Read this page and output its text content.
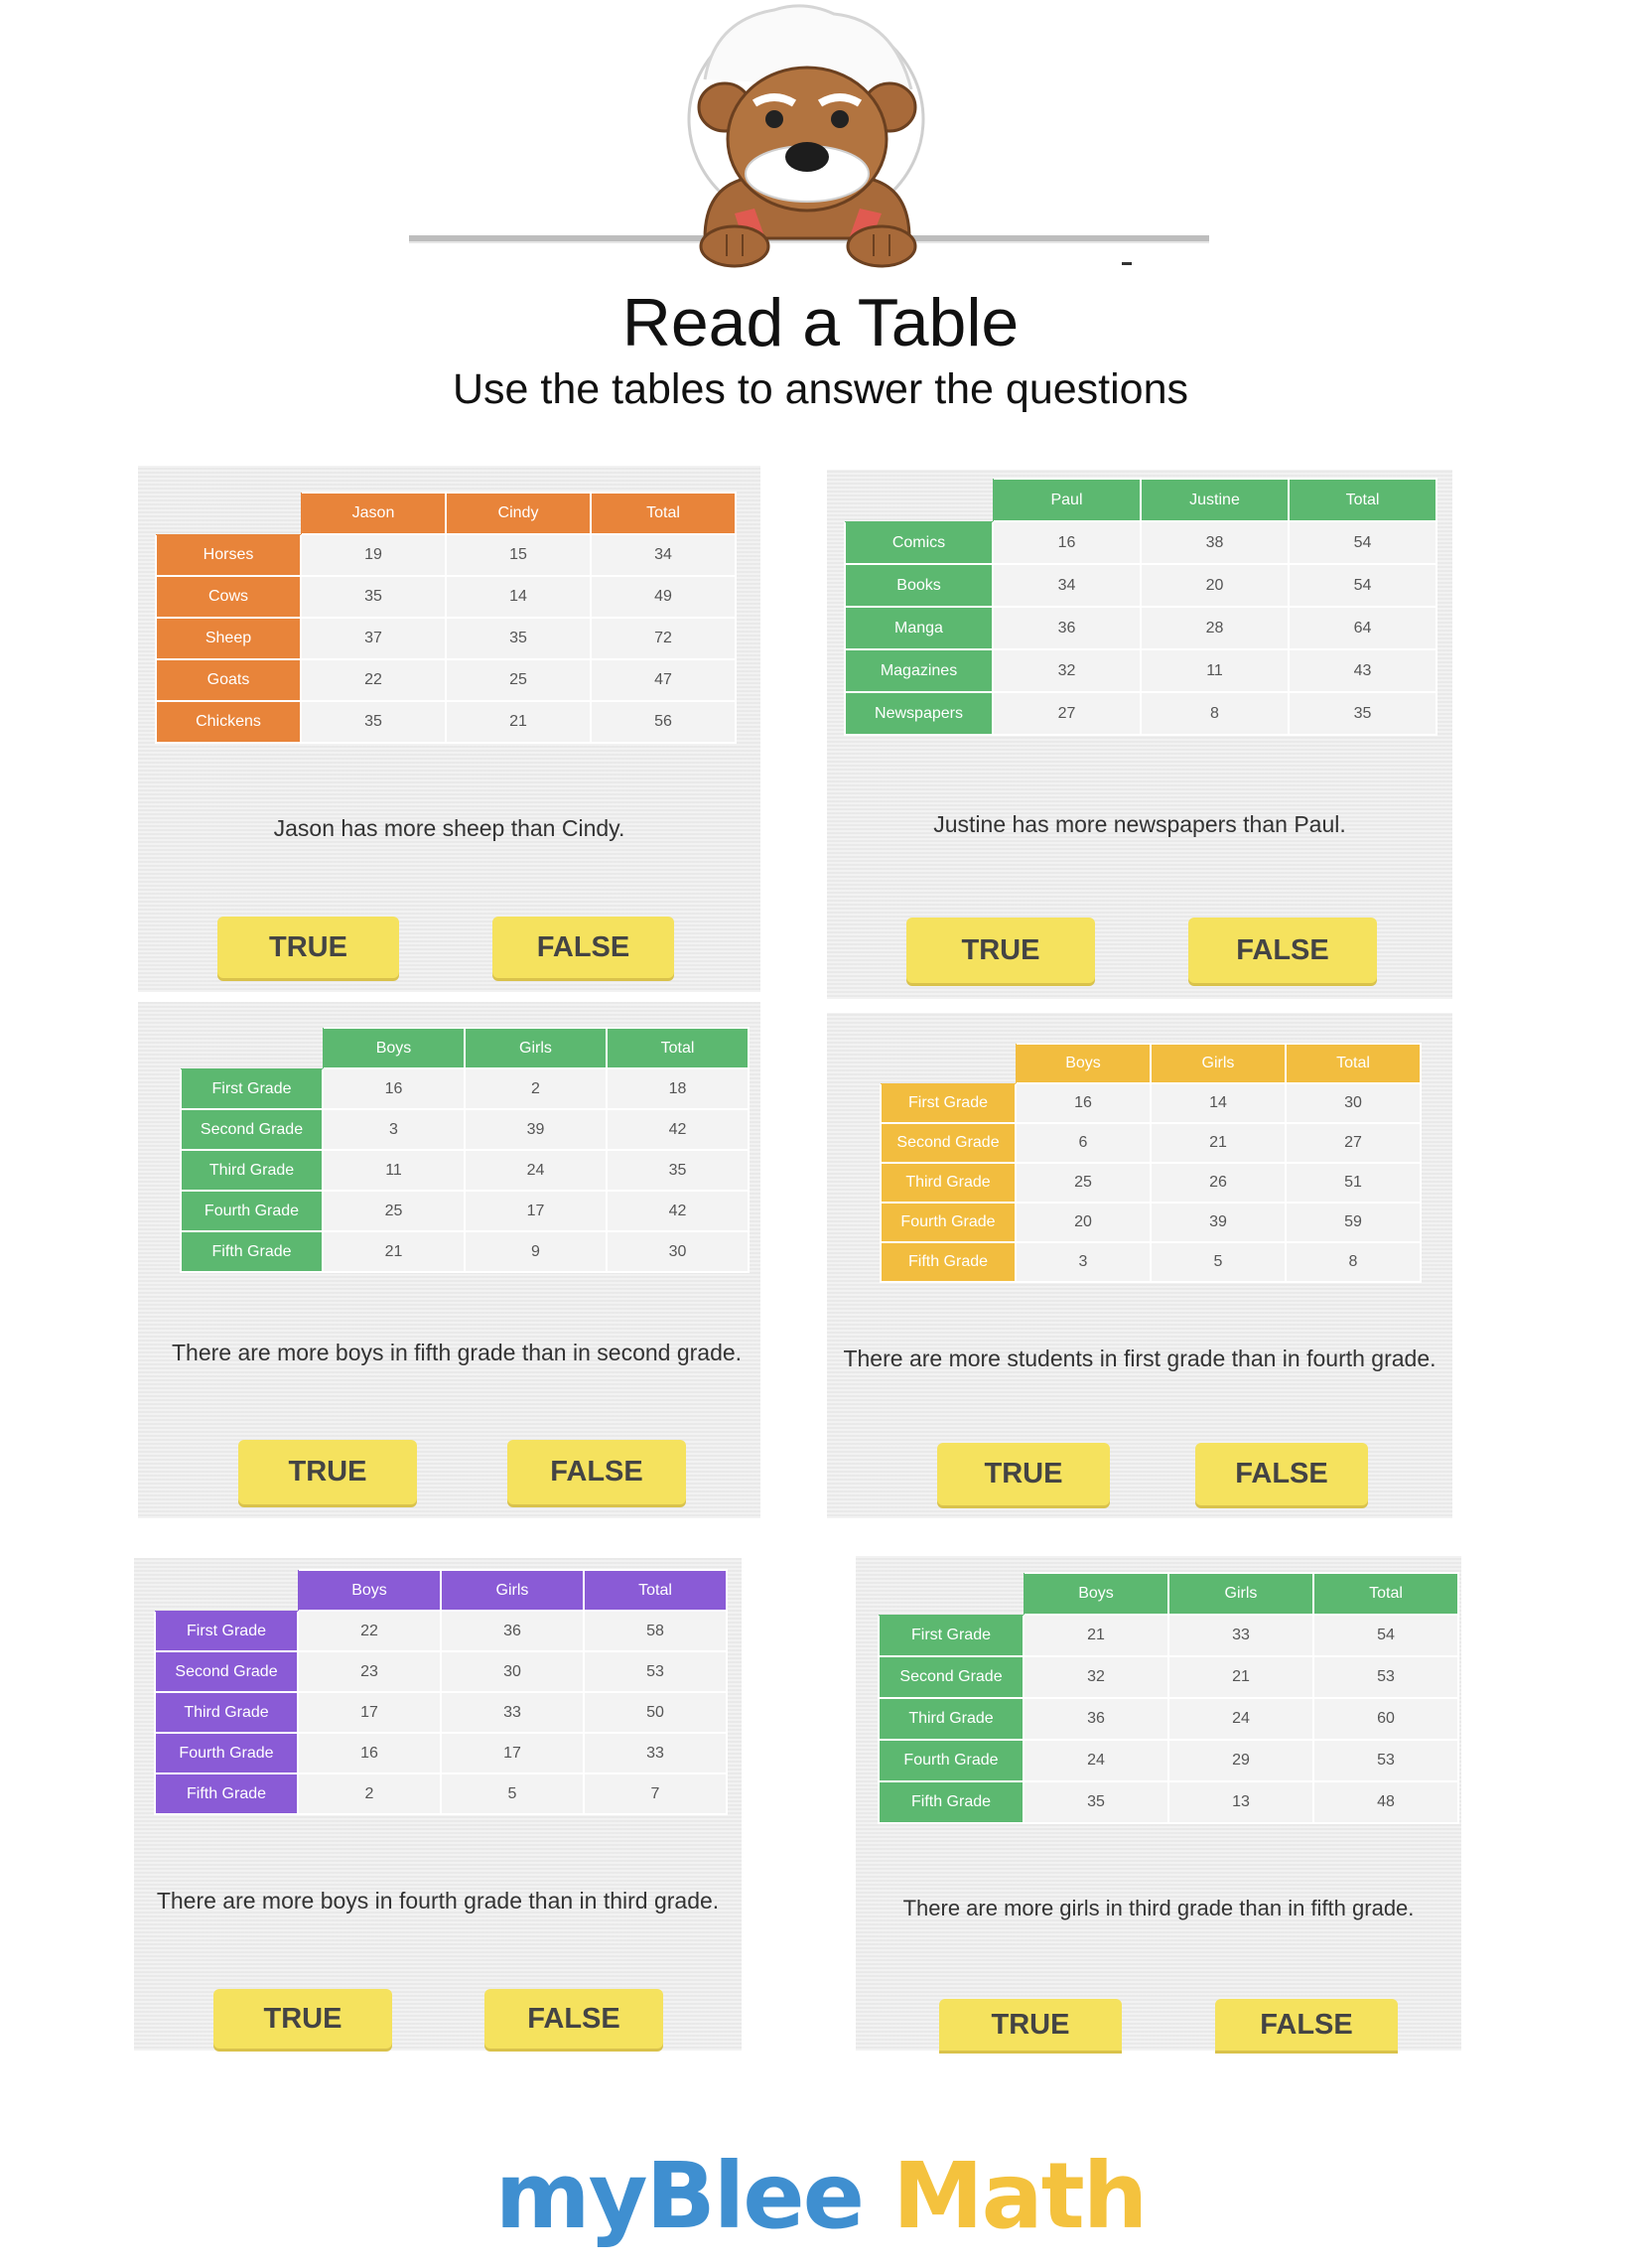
Read a Table
Use the tables to answer the questions
	Jason	Cindy	Total
Horses	19	15	34
Cows	35	14	49
Sheep	37	35	72
Goats	22	25	47
Chickens	35	21	56
Jason has more sheep than Cindy.
TRUE	FALSE
	Paul	Justine	Total
Comics	16	38	54
Books	34	20	54
Manga	36	28	64
Magazines	32	11	43
Newspapers	27	8	35
Justine has more newspapers than Paul.
TRUE	FALSE
	Boys	Girls	Total
First Grade	16	2	18
Second Grade	3	39	42
Third Grade	11	24	35
Fourth Grade	25	17	42
Fifth Grade	21	9	30
There are more boys in fifth grade than in second grade.
TRUE	FALSE
	Boys	Girls	Total
First Grade	16	14	30
Second Grade	6	21	27
Third Grade	25	26	51
Fourth Grade	20	39	59
Fifth Grade	3	5	8
There are more students in first grade than in fourth grade.
TRUE	FALSE
	Boys	Girls	Total
First Grade	22	36	58
Second Grade	23	30	53
Third Grade	17	33	50
Fourth Grade	16	17	33
Fifth Grade	2	5	7
There are more boys in fourth grade than in third grade.
TRUE	FALSE
	Boys	Girls	Total
First Grade	21	33	54
Second Grade	32	21	53
Third Grade	36	24	60
Fourth Grade	24	29	53
Fifth Grade	35	13	48
There are more girls in third grade than in fifth grade.
TRUE	FALSE
myBlee Math
